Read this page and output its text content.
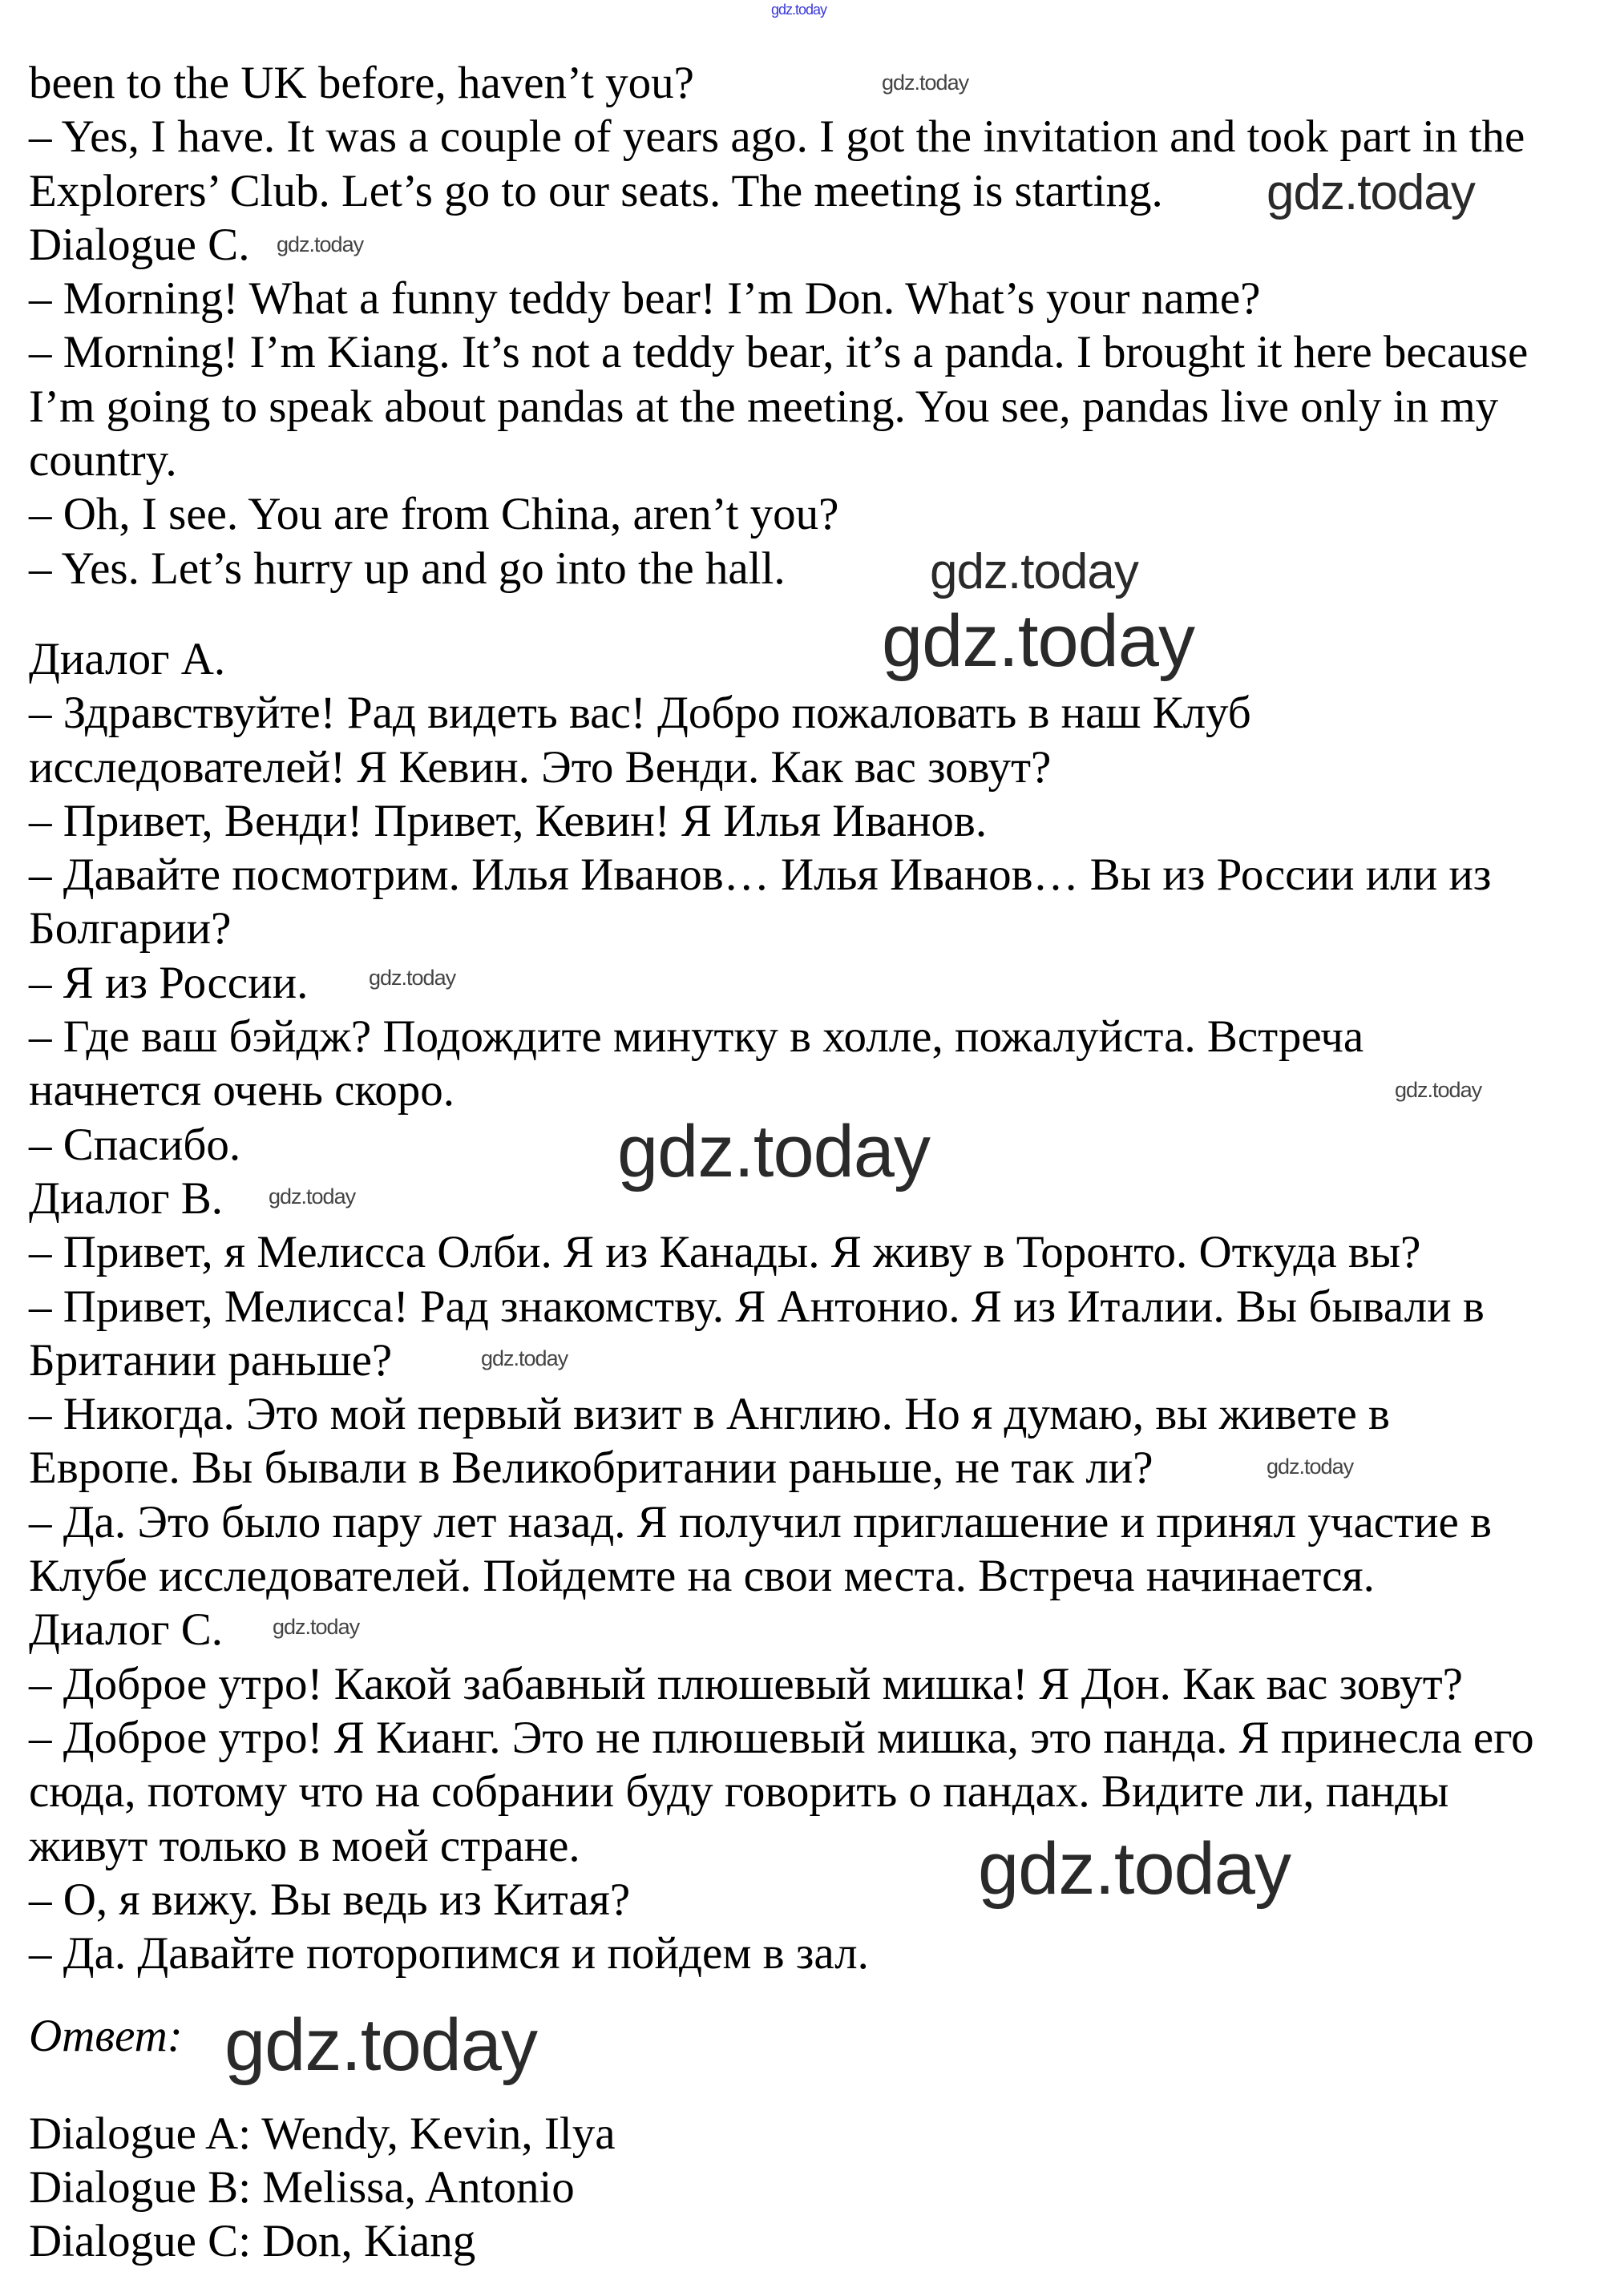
been to the UK before, haven’t you?
– Yes, I have. It was a couple of years ago. I got the invitation and took part in the
Explorers’ Club. Let’s go to our seats. The meeting is starting.
Dialogue C.
– Morning! What a funny teddy bear! I’m Don. What’s your name?
– Morning! I’m Kiang. It’s not a teddy bear, it’s a panda. I brought it here because
I’m going to speak about pandas at the meeting. You see, pandas live only in my
country.
– Oh, I see. You are from China, aren’t you?
– Yes. Let’s hurry up and go into the hall.
Диалог А.
– Здравствуйте! Рад видеть вас! Добро пожаловать в наш Клуб
исследователей! Я Кевин. Это Венди. Как вас зовут?
– Привет, Венди! Привет, Кевин! Я Илья Иванов.
– Давайте посмотрим. Илья Иванов… Илья Иванов… Вы из России или из
Болгарии?
– Я из России.
– Где ваш бэйдж? Подождите минутку в холле, пожалуйста. Встреча
начнется очень скоро.
– Спасибо.
Диалог В.
– Привет, я Мелисса Олби. Я из Канады. Я живу в Торонто. Откуда вы?
– Привет, Мелисса! Рад знакомству. Я Антонио. Я из Италии. Вы бывали в
Британии раньше?
– Никогда. Это мой первый визит в Англию. Но я думаю, вы живете в
Европе. Вы бывали в Великобритании раньше, не так ли?
– Да. Это было пару лет назад. Я получил приглашение и принял участие в
Клубе исследователей. Пойдемте на свои места. Встреча начинается.
Диалог С.
– Доброе утро! Какой забавный плюшевый мишка! Я Дон. Как вас зовут?
– Доброе утро! Я Кианг. Это не плюшевый мишка, это панда. Я принесла его
сюда, потому что на собрании буду говорить о пандах. Видите ли, панды
живут только в моей стране.
– О, я вижу. Вы ведь из Китая?
– Да. Давайте поторопимся и пойдем в зал.
Ответ:
Dialogue A: Wendy, Kevin, Ilya
Dialogue B: Melissa, Antonio
Dialogue C: Don, Kiang
gdz.today
gdz.today
gdz.today
gdz.today
gdz.today
gdz.today
gdz.today
gdz.today
gdz.today
gdz.today
gdz.today
gdz.today
gdz.today
gdz.today
gdz.today
